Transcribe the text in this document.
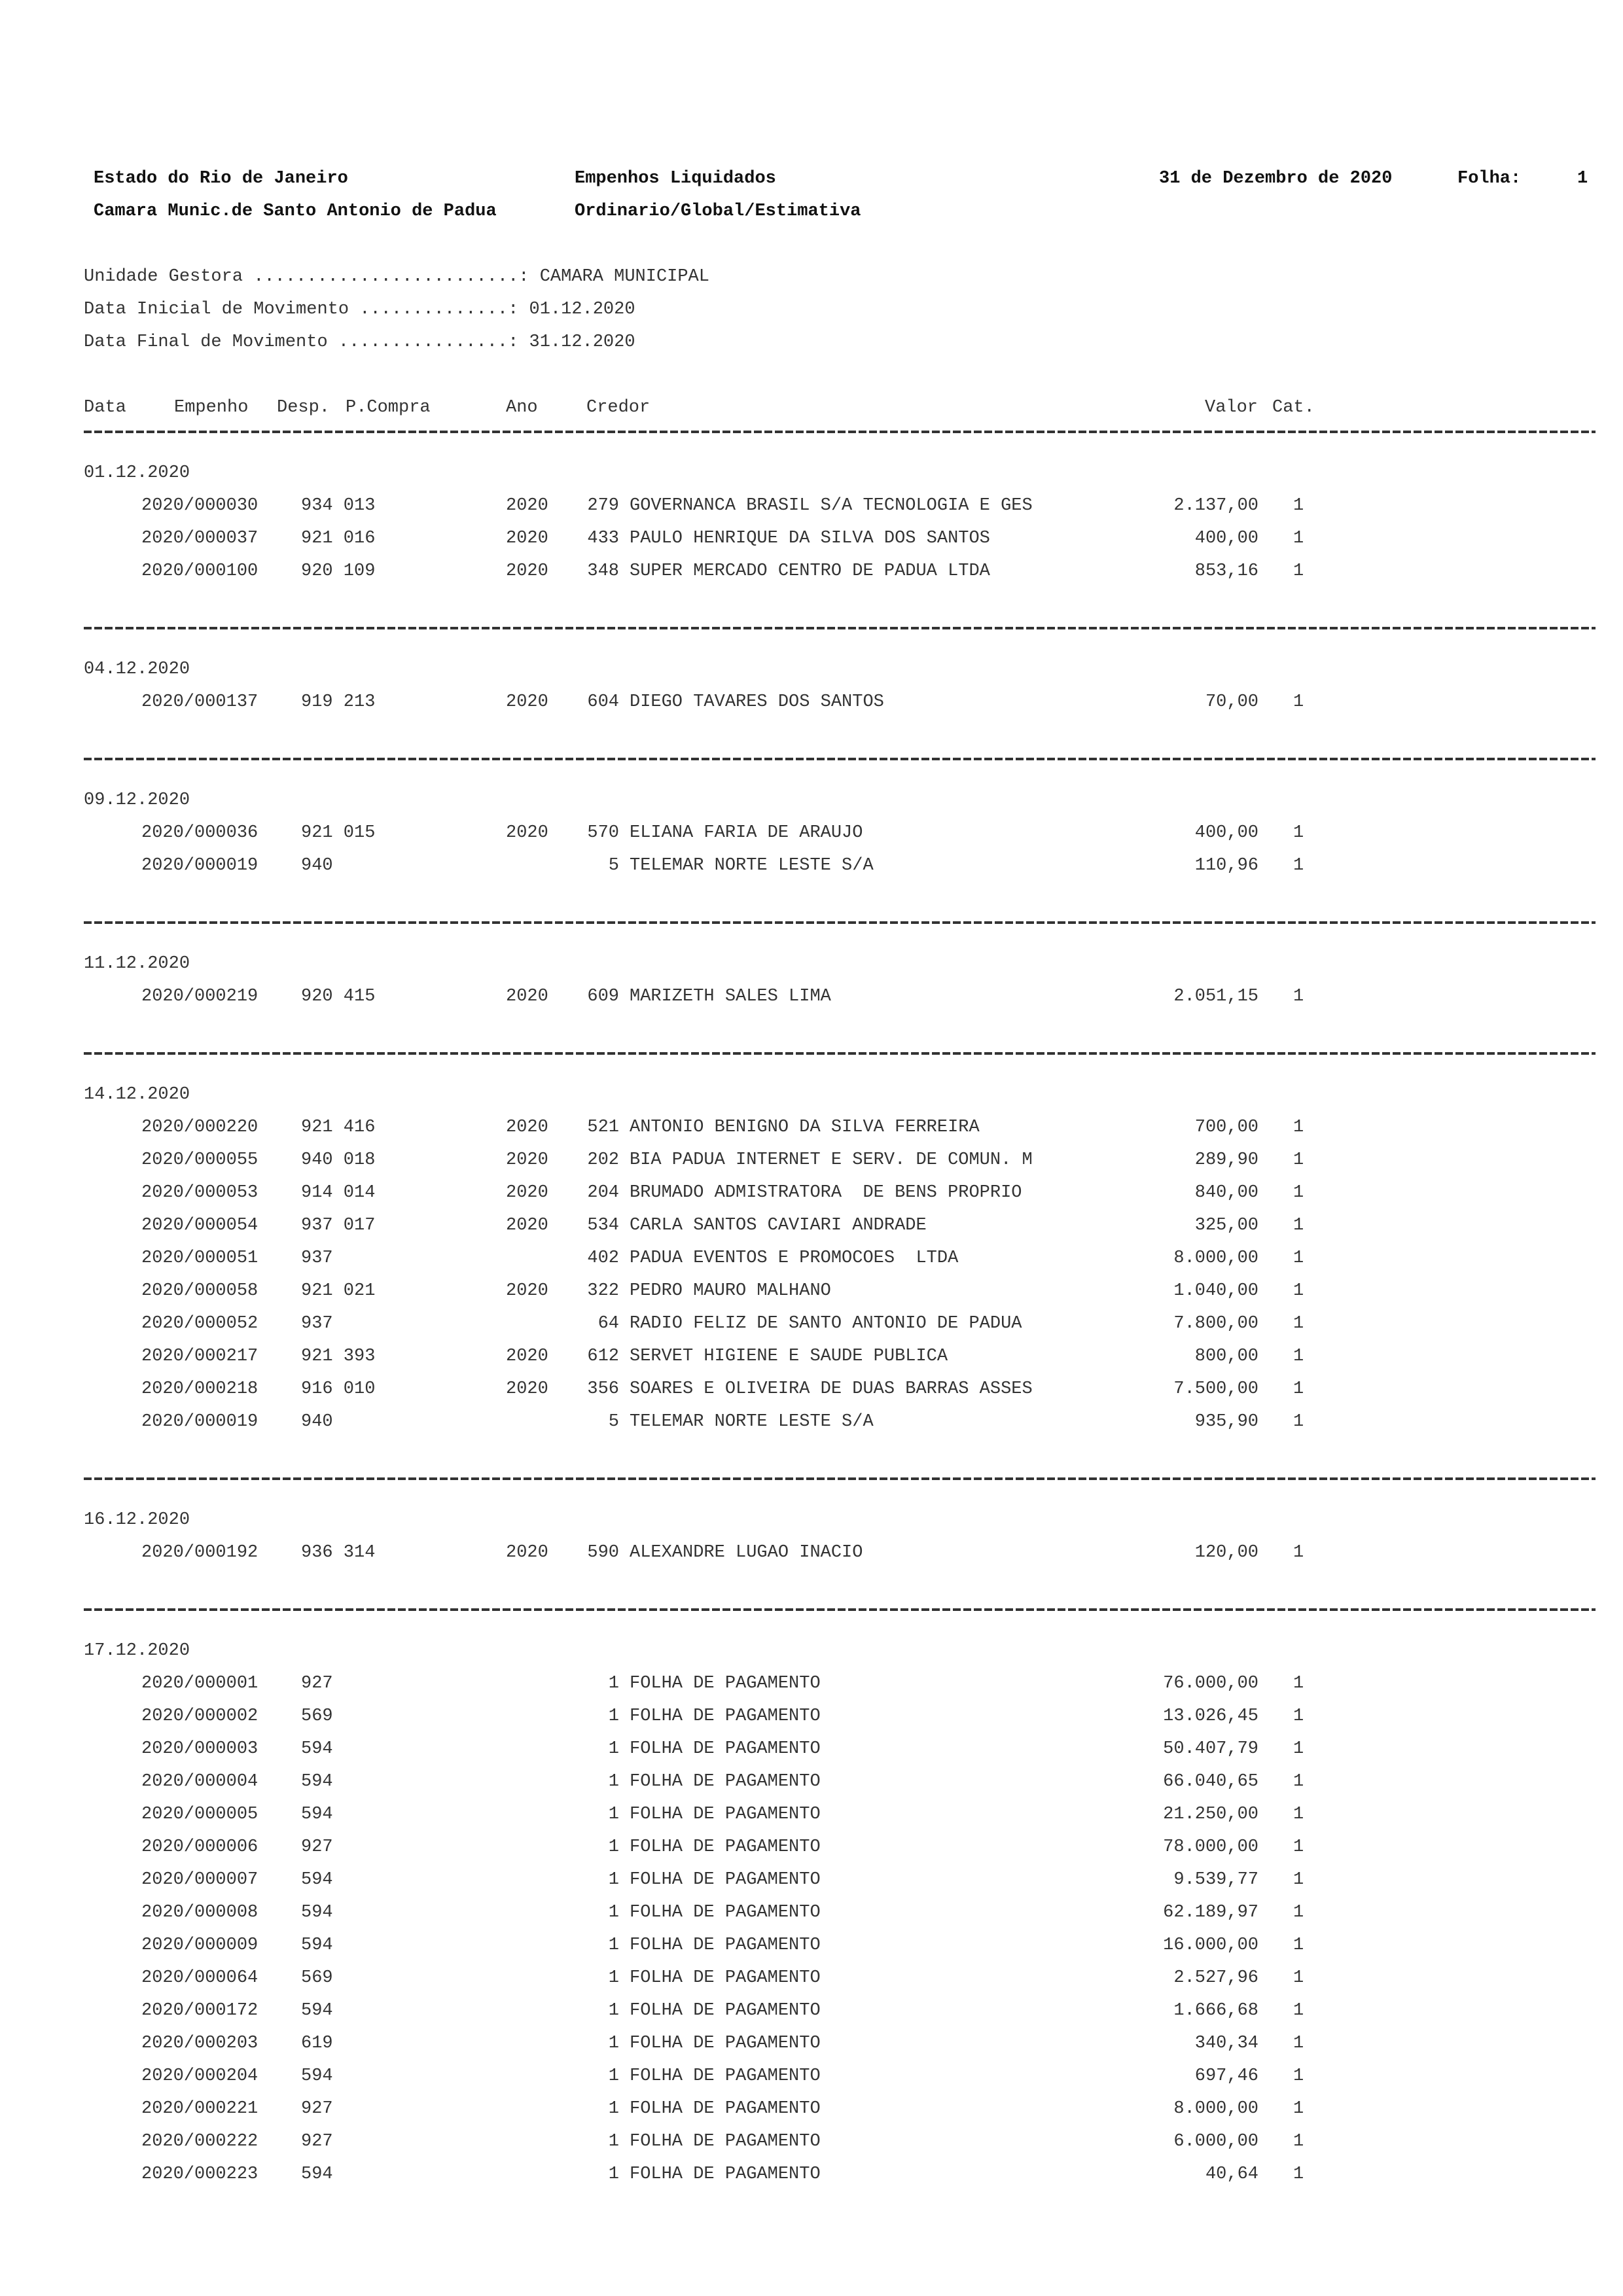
Estado do Rio de Janeiro
Camara Munic.de Santo Antonio de Padua
Empenhos Liquidados
Ordinario/Global/Estimativa
31 de Dezembro de 2020	Folha:	1
Unidade Gestora .........................: CAMARA MUNICIPAL
Data Inicial de Movimento ..............: 01.12.2020
Data Final de Movimento ................: 31.12.2020
Data	Empenho Desp. P.Compra	Ano	Credor	Valor Cat.
01.12.2020
2020/000030 934 013	2020 279 GOVERNANCA BRASIL S/A TECNOLOGIA E GES	2.137,00 1
2020/000037 921 016	2020 433 PAULO HENRIQUE DA SILVA DOS SANTOS	400,00 1
2020/000100 920 109	2020 348 SUPER MERCADO CENTRO DE PADUA LTDA	853,16 1
04.12.2020
2020/000137 919 213	2020 604 DIEGO TAVARES DOS SANTOS	70,00 1
09.12.2020
2020/000036 921 015	2020 570 ELIANA FARIA DE ARAUJO	400,00 1
2020/000019 940	5 TELEMAR NORTE LESTE S/A	110,96 1
11.12.2020
2020/000219 920 415	2020 609 MARIZETH SALES LIMA	2.051,15 1
14.12.2020
2020/000220 921 416	2020 521 ANTONIO BENIGNO DA SILVA FERREIRA	700,00 1
2020/000055 940 018	2020 202 BIA PADUA INTERNET E SERV. DE COMUN. M	289,90 1
2020/000053 914 014	2020 204 BRUMADO ADMISTRATORA  DE BENS PROPRIO	840,00 1
2020/000054 937 017	2020 534 CARLA SANTOS CAVIARI ANDRADE	325,00 1
2020/000051 937	402 PADUA EVENTOS E PROMOCOES  LTDA	8.000,00 1
2020/000058 921 021	2020 322 PEDRO MAURO MALHANO	1.040,00 1
2020/000052 937	64 RADIO FELIZ DE SANTO ANTONIO DE PADUA	7.800,00 1
2020/000217 921 393	2020 612 SERVET HIGIENE E SAUDE PUBLICA	800,00 1
2020/000218 916 010	2020 356 SOARES E OLIVEIRA DE DUAS BARRAS ASSES	7.500,00 1
2020/000019 940	5 TELEMAR NORTE LESTE S/A	935,90 1
16.12.2020
2020/000192 936 314	2020 590 ALEXANDRE LUGAO INACIO	120,00 1
17.12.2020
2020/000001 927	1 FOLHA DE PAGAMENTO	76.000,00 1
2020/000002 569	1 FOLHA DE PAGAMENTO	13.026,45 1
2020/000003 594	1 FOLHA DE PAGAMENTO	50.407,79 1
2020/000004 594	1 FOLHA DE PAGAMENTO	66.040,65 1
2020/000005 594	1 FOLHA DE PAGAMENTO	21.250,00 1
2020/000006 927	1 FOLHA DE PAGAMENTO	78.000,00 1
2020/000007 594	1 FOLHA DE PAGAMENTO	9.539,77 1
2020/000008 594	1 FOLHA DE PAGAMENTO	62.189,97 1
2020/000009 594	1 FOLHA DE PAGAMENTO	16.000,00 1
2020/000064 569	1 FOLHA DE PAGAMENTO	2.527,96 1
2020/000172 594	1 FOLHA DE PAGAMENTO	1.666,68 1
2020/000203 619	1 FOLHA DE PAGAMENTO	340,34 1
2020/000204 594	1 FOLHA DE PAGAMENTO	697,46 1
2020/000221 927	1 FOLHA DE PAGAMENTO	8.000,00 1
2020/000222 927	1 FOLHA DE PAGAMENTO	6.000,00 1
2020/000223 594	1 FOLHA DE PAGAMENTO	40,64 1
